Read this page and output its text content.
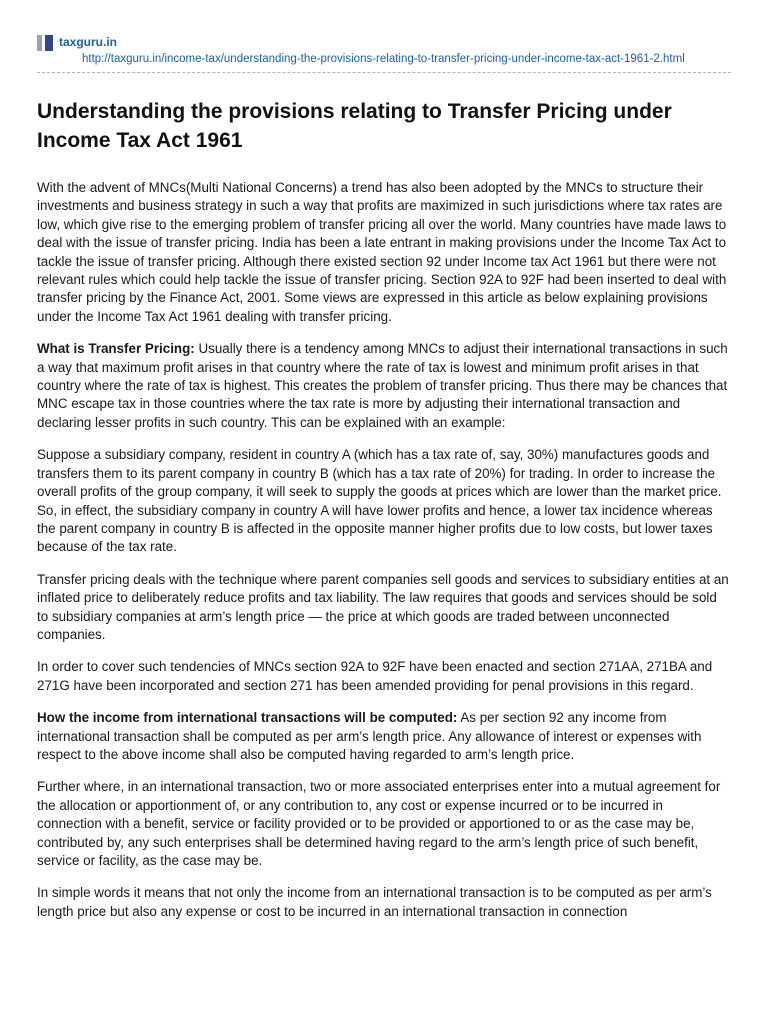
taxguru.in
http://taxguru.in/income-tax/understanding-the-provisions-relating-to-transfer-pricing-under-income-tax-act-1961-2.html
Understanding the provisions relating to Transfer Pricing under Income Tax Act 1961

With the advent of MNCs(Multi National Concerns) a trend has also been adopted by the MNCs to structure their investments and business strategy in such a way that profits are maximized in such jurisdictions where tax rates are low, which give rise to the emerging problem of transfer pricing all over the world. Many countries have made laws to deal with the issue of transfer pricing. India has been a late entrant in making provisions under the Income Tax Act to tackle the issue of transfer pricing. Although there existed section 92 under Income tax Act 1961 but there were not relevant rules which could help tackle the issue of transfer pricing. Section 92A to 92F had been inserted to deal with transfer pricing by the Finance Act, 2001. Some views are expressed in this article as below explaining provisions under the Income Tax Act 1961 dealing with transfer pricing.

What is Transfer Pricing: Usually there is a tendency among MNCs to adjust their international transactions in such a way that maximum profit arises in that country where the rate of tax is lowest and minimum profit arises in that country where the rate of tax is highest. This creates the problem of transfer pricing. Thus there may be chances that MNC escape tax in those countries where the tax rate is more by adjusting their international transaction and declaring lesser profits in such country. This can be explained with an example:

Suppose a subsidiary company, resident in country A (which has a tax rate of, say, 30%) manufactures goods and transfers them to its parent company in country B (which has a tax rate of 20%) for trading. In order to increase the overall profits of the group company, it will seek to supply the goods at prices which are lower than the market price. So, in effect, the subsidiary company in country A will have lower profits and hence, a lower tax incidence whereas the parent company in country B is affected in the opposite manner higher profits due to low costs, but lower taxes because of the tax rate.

Transfer pricing deals with the technique where parent companies sell goods and services to subsidiary entities at an inflated price to deliberately reduce profits and tax liability. The law requires that goods and services should be sold to subsidiary companies at arm’s length price — the price at which goods are traded between unconnected companies.

In order to cover such tendencies of MNCs section 92A to 92F have been enacted and section 271AA, 271BA and 271G have been incorporated and section 271 has been amended providing for penal provisions in this regard.

How the income from international transactions will be computed: As per section 92 any income from international transaction shall be computed as per arm’s length price. Any allowance of interest or expenses with respect to the above income shall also be computed having regarded to arm’s length price.

Further where, in an international transaction, two or more associated enterprises enter into a mutual agreement for the allocation or apportionment of, or any contribution to, any cost or expense incurred or to be incurred in connection with a benefit, service or facility provided or to be provided or apportioned to or as the case may be, contributed by, any such enterprises shall be determined having regard to the arm’s length price of such benefit, service or facility, as the case may be.

In simple words it means that not only the income from an international transaction is to be computed as per arm’s length price but also any expense or cost to be incurred in an international transaction in connection
